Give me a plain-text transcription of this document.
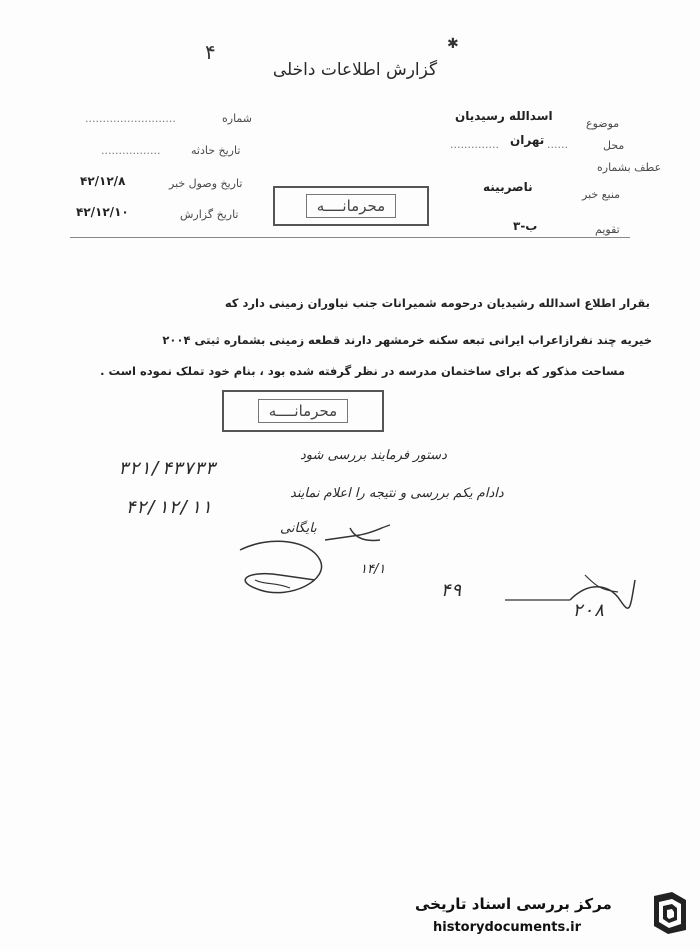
۴	✱
گزارش اطلاعات داخلی
موضوع
اسدالله رسیدیان
محل
......
تهران
..............
عطف بشماره
منبع خبر
ناصربینه
تقویم
ب-۳
شماره
..........................
تاریخ حادثه
.................
تاریخ وصول خبر
۴۲/۱۲/۸
تاریخ گزارش
۴۲/۱۲/۱۰	محرمانــــه
بقرار اطلاع اسدالله رشیدیان درحومه شمیرانات جنب نیاوران زمینی دارد که
خیریه چند نفرازاعراب ایرانی تبعه سکنه خرمشهر دارند قطعه زمینی بشماره ثبتی ۲۰۰۴
مساحت مذکور که برای ساختمان مدرسه در نظر گرفته شده بود ، بنام خود تملک نموده است .
محرمانــــه
دستور فرمایند بررسی شود
۳۲۱/۴۳۷۳۳
دادام یکم بررسی و نتیجه را اعلام نمایند
۴۲/۱۲/۱۱
بایگانی
۱۴/۱
۴۹
۲۰۸
مرکز بررسی اسناد تاریخی
historydocuments.ir
